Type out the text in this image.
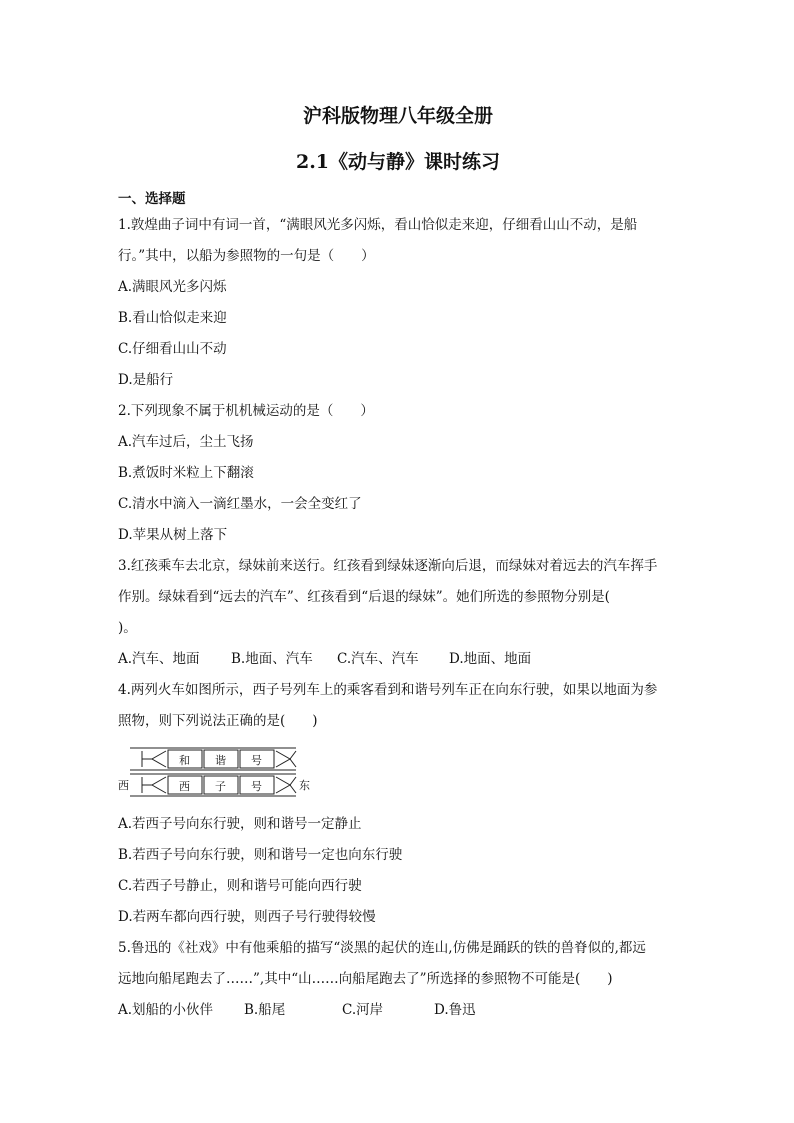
沪科版物理八年级全册

2.1《动与静》课时练习

一、选择题
1.敦煌曲子词中有词一首，“满眼风光多闪烁，看山恰似走来迎，仔细看山山不动，是船
行。”其中，以船为参照物的一句是（　　）
A.满眼风光多闪烁
B.看山恰似走来迎
C.仔细看山山不动
D.是船行
2.下列现象不属于机机械运动的是（　　）
A.汽车过后，尘土飞扬
B.煮饭时米粒上下翻滚
C.清水中滴入一滴红墨水，一会全变红了
D.苹果从树上落下
3.红孩乘车去北京，绿妹前来送行。红孩看到绿妹逐渐向后退，而绿妹对着远去的汽车挥手
作别。绿妹看到“远去的汽车”、红孩看到“后退的绿妹”。她们所选的参照物分别是(
)。
A.汽车、地面	B.地面、汽车	C.汽车、汽车	D.地面、地面
4.两列火车如图所示，西子号列车上的乘客看到和谐号列车正在向东行驶，如果以地面为参
照物，则下列说法正确的是(　　)
西	东
和 谐 号
西 子 号
A.若西子号向东行驶，则和谐号一定静止
B.若西子号向东行驶，则和谐号一定也向东行驶
C.若西子号静止，则和谐号可能向西行驶
D.若两车都向西行驶，则西子号行驶得较慢
5.鲁迅的《社戏》中有他乘船的描写“淡黑的起伏的连山,仿佛是踊跃的铁的兽脊似的,都远
远地向船尾跑去了……”,其中“山……向船尾跑去了”所选择的参照物不可能是(　　)
A.划船的小伙伴	B.船尾	C.河岸	D.鲁迅
